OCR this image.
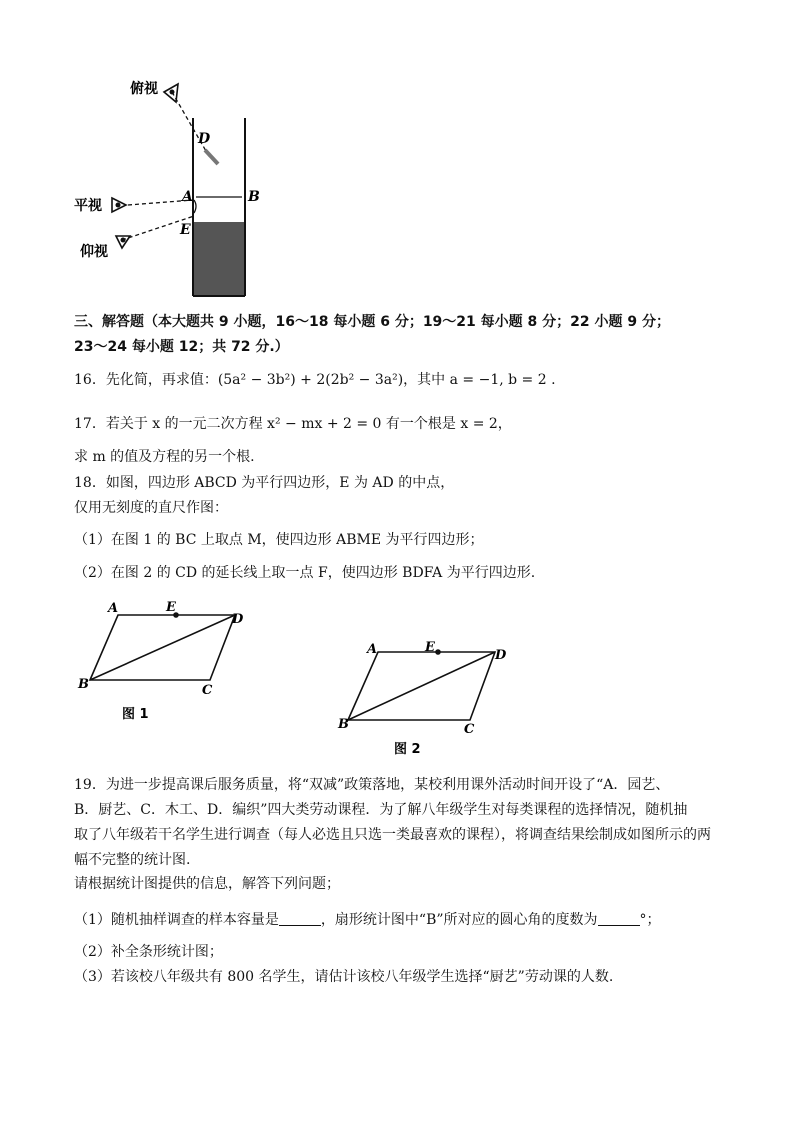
D
A	B
E
俯视
平视
仰视
三、解答题（本大题共 9 小题，16～18 每小题 6 分；19～21 每小题 8 分；22 小题 9 分；
23～24 每小题 12；共 72 分.）
16．先化简，再求值：(5a² − 3b²) + 2(2b² − 3a²)，其中 a = −1, b = 2 .
17．若关于 x 的一元二次方程 x² − mx + 2 = 0 有一个根是 x = 2，
求 m 的值及方程的另一个根.
18．如图，四边形 ABCD 为平行四边形，E 为 AD 的中点，
仅用无刻度的直尺作图：
（1）在图 1 的 BC 上取点 M，使四边形 ABME 为平行四边形；
（2）在图 2 的 CD 的延长线上取一点 F，使四边形 BDFA 为平行四边形.
A	E
D
B	C
图 1
A	E
D
B	C
图 2
19．为进一步提高课后服务质量，将“双减”政策落地，某校利用课外活动时间开设了“A．园艺、
B．厨艺、C．木工、D．编织”四大类劳动课程．为了解八年级学生对每类课程的选择情况，随机抽
取了八年级若干名学生进行调查（每人必选且只选一类最喜欢的课程），将调查结果绘制成如图所示的两
幅不完整的统计图.
请根据统计图提供的信息，解答下列问题；
（1）随机抽样调查的样本容量是	，扇形统计图中“B”所对应的圆心角的度数为	°；
（2）补全条形统计图；
（3）若该校八年级共有 800 名学生，请估计该校八年级学生选择“厨艺”劳动课的人数.
